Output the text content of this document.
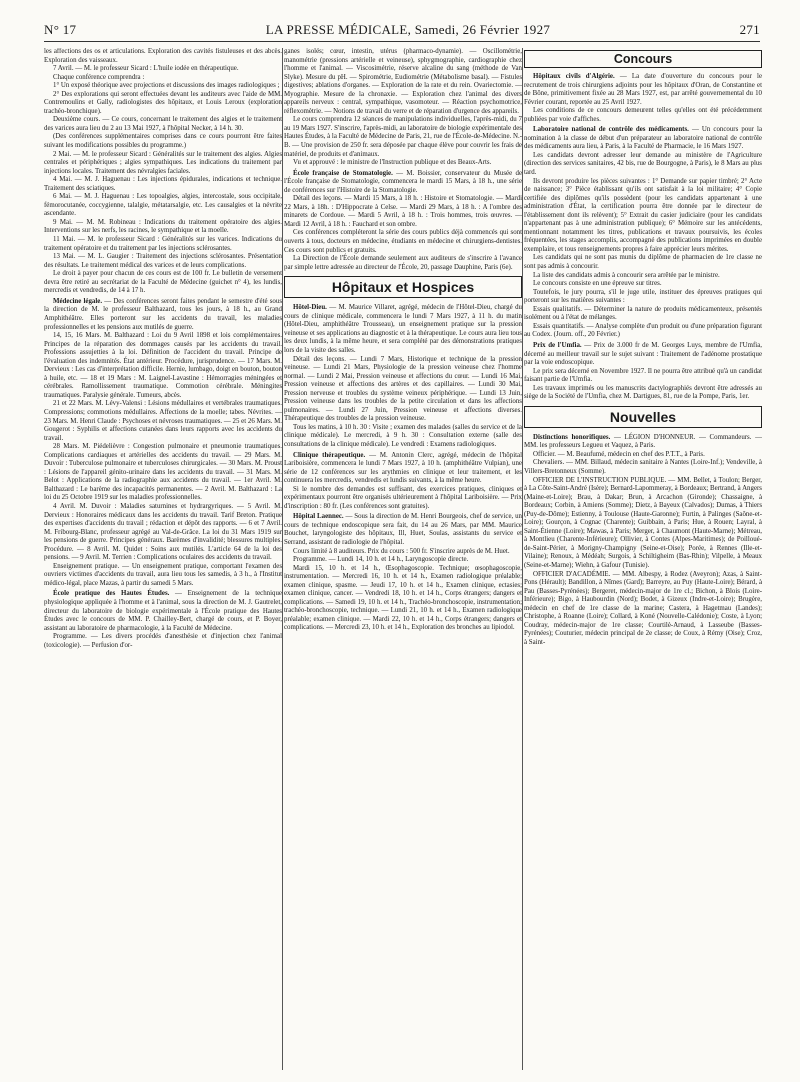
N° 17	LA PRESSE MÉDICALE, Samedi, 26 Février 1927	271

les affections des os et articulations. Exploration des cavités fistuleuses et des abcès. Exploration des vaisseaux.

7 Avril. — M. le professeur Sicard : L'huile iodée en thérapeutique.

Chaque conférence comprendra :

1° Un exposé théorique avec projections et discussions des images radiologiques ;

2° Des explorations qui seront effectuées devant les auditeurs avec l'aide de MM. Contremoulins et Gally, radiologistes des hôpitaux, et Louis Leroux (exploration trachéo-bronchique).

Deuxième cours. — Ce cours, concernant le traitement des algies et le traitement des varices aura lieu du 2 au 13 Mai 1927, à l'hôpital Necker, à 14 h. 30.

(Des conférences supplémentaires comprises dans ce cours pourront être faites suivant les modifications possibles du programme.)

2 Mai. — M. le professeur Sicard : Généralités sur le traitement des algies. Algies centrales et périphériques ; algies sympathiques. Les indications du traitement par injections locales. Traitement des névralgies faciales.

4 Mai. — M. J. Haguenau : Les injections épidurales, indications et technique. Traitement des sciatiques.

6 Mai. — M. J. Haguenau : Les topoalgies, algies, intercostale, sous occipitale, fémorocutanée, coccygienne, talalgie, métatarsalgie, etc. Les causalgies et la névrite ascendante.

9 Mai. — M. M. Robineau : Indications du traitement opératoire des algies. Interventions sur les nerfs, les racines, le sympathique et la moelle.

11 Mai. — M. le professeur Sicard : Généralités sur les varices. Indications du traitement opératoire et du traitement par les injections sclérosantes.

13 Mai. — M. L. Gaugier : Traitement des injections sclérosantes. Présentation des résultats. Le traitement médical des varices et de leurs complications.

Le droit à payer pour chacun de ces cours est de 100 fr. Le bulletin de versement devra être retiré au secrétariat de la Faculté de Médecine (guichet n° 4), les lundis, mercredis et vendredis, de 14 à 17 h.

Médecine légale. — Des conférences seront faites pendant le semestre d'été sous la direction de M. le professeur Balthazard, tous les jours, à 18 h., au Grand Amphithéâtre. Elles porteront sur les accidents du travail, les maladies professionnelles et les pensions aux mutilés de guerre.

14, 15, 16 Mars. M. Balthazard : Loi du 9 Avril 1898 et lois complémentaires. Principes de la réparation des dommages causés par les accidents du travail. Professions assujetties à la loi. Définition de l'accident du travail. Principe de l'évaluation des indemnités. État antérieur. Procédure, jurisprudence. — 17 Mars. M. Dervieux : Les cas d'interprétation difficile. Hernie, lumbago, doigt en bouton, bouton à huile, etc. — 18 et 19 Mars : M. Laignel-Lavastine : Hémorragies méningées et cérébrales. Ramollissement traumatique. Commotion cérébrale. Méningites traumatiques. Paralysie générale. Tumeurs, abcès.

21 et 22 Mars. M. Lévy-Valensi : Lésions médullaires et vertébrales traumatiques. Compressions; commotions médullaires. Affections de la moelle; tabes. Névrites. — 23 Mars. M. Henri Claude : Psychoses et névroses traumatiques. — 25 et 26 Mars. M. Gougerot : Syphilis et affections cutanées dans leurs rapports avec les accidents du travail.

28 Mars. M. Piédelièvre : Congestion pulmonaire et pneumonie traumatiques. Complications cardiaques et artérielles des accidents du travail. — 29 Mars. M. Duvoir : Tuberculose pulmonaire et tuberculoses chirurgicales. — 30 Mars. M. Proust : Lésions de l'appareil génito-urinaire dans les accidents du travail. — 31 Mars. M. Belot : Applications de la radiographie aux accidents du travail. — 1er Avril. M. Balthazard : Le barème des incapacités permanentes. — 2 Avril. M. Balthazard : La loi du 25 Octobre 1919 sur les maladies professionnelles.

4 Avril. M. Duvoir : Maladies saturnines et hydrargyriques. — 5 Avril. M. Dervieux : Honoraires médicaux dans les accidents du travail. Tarif Breton. Pratique des expertises d'accidents du travail ; rédaction et dépôt des rapports. — 6 et 7 Avril. M. Fribourg-Blanc, professeur agrégé au Val-de-Grâce. La loi du 31 Mars 1919 sur les pensions de guerre. Principes généraux. Barèmes d'invalidité; blessures multiples. Procédure. — 8 Avril. M. Quidet : Soins aux mutilés. L'article 64 de la loi des pensions. — 9 Avril. M. Terrien : Complications oculaires des accidents du travail.

Enseignement pratique. — Un enseignement pratique, comportant l'examen des ouvriers victimes d'accidents du travail, aura lieu tous les samedis, à 3 h., à l'Institut médico-légal, place Mazas, à partir du samedi 5 Mars.

École pratique des Hautes Études. — Enseignement de la technique physiologique appliquée à l'homme et à l'animal, sous la direction de M. J. Gautrelet, directeur du laboratoire de biologie expérimentale à l'École pratique des Hautes Études avec le concours de MM. P. Chailley-Bert, chargé de cours, et P. Boyer, assistant au laboratoire de pharmacologie, à la Faculté de Médecine.

Programme. — Les divers procédés d'anesthésie et d'injection chez l'animal (toxicologie). — Perfusion d'or-

ganes isolés; cœur, intestin, utérus (pharmaco-dynamie). — Oscillométrie, manométrie (pressions artérielle et veineuse), sphygmographie, cardiographie chez l'homme et l'animal. — Viscosimétrie, réserve alcaline du sang (méthode de Van Slyke). Mesure du pH. — Spirométrie, Eudiométrie (Métabolisme basal). — Fistules digestives; ablations d'organes. — Exploration de la rate et du rein. Ovariectomie. — Myographie. Mesure de la chronaxie. — Exploration chez l'animal des divers appareils nerveux : central, sympathique, vasomoteur. — Réaction psychomotrice, réflexomètrie. — Notions de travail du verre et de réparation d'urgence des appareils.

Le cours comprendra 12 séances de manipulations individuelles, l'après-midi, du 7 au 19 Mars 1927. S'inscrire, l'après-midi, au laboratoire de biologie expérimentale des Hautes Études, à la Faculté de Médecine de Paris, 21, rue de l'École-de-Médecine. N.-B. — Une provision de 250 fr. sera déposée par chaque élève pour couvrir les frais de matériel, de produits et d'animaux.

Vu et approuvé : le ministre de l'Instruction publique et des Beaux-Arts.

École française de Stomatologie. — M. Boissier, conservateur du Musée de l'École française de Stomatologie, commencera le mardi 15 Mars, à 18 h., une série de conférences sur l'Histoire de la Stomatologie.

Détail des leçons. — Mardi 15 Mars, à 18 h. : Histoire et Stomatologie. — Mardi 22 Mars, à 18h. : D'Hippocrate à Celse. — Mardi 29 Mars, à 18 h. : A l'ombre des minarets de Cordoue. — Mardi 5 Avril, à 18 h. : Trois hommes, trois œuvres. — Mardi 12 Avril, à 18 h. : Fauchard et son ombre.

Ces conférences compléteront la série des cours publics déjà commencés qui sont ouverts à tous, docteurs en médecine, étudiants en médecine et chirurgiens-dentistes. Ces cours sont publics et gratuits.

La Direction de l'École demande seulement aux auditeurs de s'inscrire à l'avance par simple lettre adressée au directeur de l'École, 20, passage Dauphine, Paris (6e).

Hôpitaux et Hospices

Hôtel-Dieu. — M. Maurice Villaret, agrégé, médecin de l'Hôtel-Dieu, chargé du cours de clinique médicale, commencera le lundi 7 Mars 1927, à 11 h. du matin (Hôtel-Dieu, amphithéâtre Trousseau), un enseignement pratique sur la pression veineuse et ses applications au diagnostic et à la thérapeutique. Le cours aura lieu tous les deux lundis, à la même heure, et sera complété par des démonstrations pratiques lors de la visite des salles.

Détail des leçons. — Lundi 7 Mars, Historique et technique de la pression veineuse. — Lundi 21 Mars, Physiologie de la pression veineuse chez l'homme normal. — Lundi 2 Mai, Pression veineuse et affections du cœur. — Lundi 16 Mai, Pression veineuse et affections des artères et des capillaires. — Lundi 30 Mai, Pression nerveuse et troubles du système veineux périphérique. — Lundi 13 Juin, Pression veineuse dans les troubles de la petite circulation et dans les affections pulmonaires. — Lundi 27 Juin, Pression veineuse et affections diverses. Thérapeutique des troubles de la pression veineuse.

Tous les matins, à 10 h. 30 : Visite ; examen des malades (salles du service et de la clinique médicale). Le mercredi, à 9 h. 30 : Consultation externe (salle des consultations de la clinique médicale). Le vendredi : Examens radiologiques.

Clinique thérapeutique. — M. Antonin Clerc, agrégé, médecin de l'hôpital Lariboisière, commencera le lundi 7 Mars 1927, à 10 h. (amphithéâtre Vulpian), une série de 12 conférences sur les arythmies en clinique et leur traitement, et les continuera les mercredis, vendredis et lundis suivants, à la même heure.

Si le nombre des demandes est suffisant, des exercices pratiques, cliniques et expérimentaux pourront être organisés ultérieurement à l'hôpital Lariboisière. — Prix d'inscription : 80 fr. (Les conférences sont gratuites).

Hôpital Laennec. — Sous la direction de M. Henri Bourgeois, chef de service, un cours de technique endoscopique sera fait, du 14 au 26 Mars, par MM. Maurice Bouchet, laryngologiste des hôpitaux, Ill, Huet, Soulas, assistants du service et Serrand, assistant de radiologie de l'hôpital.

Cours limité à 8 auditeurs. Prix du cours : 500 fr. S'inscrire auprès de M. Huet.

Programme. — Lundi 14, 10 h. et 14 h., Laryngoscopie directe.

Mardi 15, 10 h. et 14 h., Œsophagoscopie. Technique; œsophagoscopie, instrumentation. — Mercredi 16, 10 h. et 14 h., Examen radiologique préalable; examen clinique, spasme. — Jeudi 17, 10 h. et 14 h., Examen clinique, ectasies; examen clinique, cancer. — Vendredi 18, 10 h. et 14 h., Corps étrangers; dangers et complications. — Samedi 19, 10 h. et 14 h., Trachéo-bronchoscopie, instrumentation; trachéo-bronchoscopie, technique. — Lundi 21, 10 h. et 14 h., Examen radiologique préalable; examen clinique. — Mardi 22, 10 h. et 14 h., Corps étrangers; dangers et complications. — Mercredi 23, 10 h. et 14 h., Exploration des bronches au lipiodol.

Concours

Hôpitaux civils d'Algérie. — La date d'ouverture du concours pour le recrutement de trois chirurgiens adjoints pour les hôpitaux d'Oran, de Constantine et de Bône, primitivement fixée au 28 Mars 1927, est, par arrêté gouvernemental du 10 Février courant, reportée au 25 Avril 1927.

Les conditions de ce concours demeurent telles qu'elles ont été précédemment publiées par voie d'affiches.

Laboratoire national de contrôle des médicaments. — Un concours pour la nomination à la classe de début d'un préparateur au laboratoire national de contrôle des médicaments aura lieu, à Paris, à la Faculté de Pharmacie, le 16 Mars 1927.

Les candidats devront adresser leur demande au ministère de l'Agriculture (direction des services sanitaires, 42 bis, rue de Bourgogne, à Paris), le 8 Mars au plus tard.

Ils devront produire les pièces suivantes : 1° Demande sur papier timbré; 2° Acte de naissance; 3° Pièce établissant qu'ils ont satisfait à la loi militaire; 4° Copie certifiée des diplômes qu'ils possèdent (pour les candidats appartenant à une administration d'État, la certification pourra être donnée par le directeur de l'établissement dont ils relèvent); 5° Extrait du casier judiciaire (pour les candidats n'appartenant pas à une administration publique); 6° Mémoire sur les antécédents, mentionnant notamment les titres, publications et travaux poursuivis, les écoles fréquentées, les stages accomplis, accompagné des publications imprimées en double exemplaire, et tous renseignements propres à faire apprécier leurs mérites.

Les candidats qui ne sont pas munis du diplôme de pharmacien de 1re classe ne sont pas admis à concourir.

La liste des candidats admis à concourir sera arrêtée par le ministre.

Le concours consiste en une épreuve sur titres.

Toutefois, le jury pourra, s'il le juge utile, instituer des épreuves pratiques qui porteront sur les matières suivantes :

Essais qualitatifs. — Déterminer la nature de produits médicamenteux, présentés isolément ou à l'état de mélanges.

Essais quantitatifs. — Analyse complète d'un produit ou d'une préparation figurant au Codex. (Journ. off., 20 Février.)

Prix de l'Umfia. — Prix de 3.000 fr de M. Georges Luys, membre de l'Umfia, décerné au meilleur travail sur le sujet suivant : Traitement de l'adénome prostatique par la voie endoscopique.

Le prix sera décerné en Novembre 1927. Il ne pourra être attribué qu'à un candidat faisant partie de l'Umfia.

Les travaux imprimés ou les manuscrits dactylographiés devront être adressés au siège de la Société de l'Umfia, chez M. Dartigues, 81, rue de la Pompe, Paris, 1er.

Nouvelles

Distinctions honorifiques. — LÉGION D'HONNEUR. — Commandeurs. — MM. les professeurs Legueu et Vaquez, à Paris.

Officier. — M. Beaufumé, médecin en chef des P.T.T., à Paris.

Chevaliers. — MM. Billaud, médecin sanitaire à Nantes (Loire-Inf.); Vendeville, à Villers-Bretonneux (Somme).

OFFICIER DE L'INSTRUCTION PUBLIQUE. — MM. Bellet, à Toulon; Berger, à La Côte-Saint-André (Isère); Bernard-Lapommeray, à Bordeaux; Bertrand, à Angers (Maine-et-Loire); Brau, à Dakar; Brun, à Arcachon (Gironde); Chassaigne, à Bordeaux; Corbin, à Amiens (Somme); Dietz, à Bayeux (Calvados); Dumas, à Thiers (Puy-de-Dôme); Estienny, à Toulouse (Haute-Garonne); Furtin, à Palinges (Saône-et-Loire); Gourçon, à Cognac (Charente); Guibbain, à Paris; Hue, à Rouen; Layral, à Saint-Étienne (Loire); Mawas, à Paris; Merger, à Chaumont (Haute-Marne); Métreau, à Montlieu (Charente-Inférieure); Ollivier, à Contes (Alpes-Maritimes); de Poilloué-de-Saint-Périer, à Morigny-Champigny (Seine-et-Oise); Porée, à Rennes (Ille-et-Vilaine); Renoux, à Médéah; Surgois, à Schiltigheim (Bas-Rhin); Vilpelle, à Meaux (Seine-et-Marne); Wiehn, à Gafour (Tunisie).

OFFICIER D'ACADÉMIE. — MM. Albespy, à Rodez (Aveyron); Azas, à Saint-Pons (Hérault); Bandillon, à Nîmes (Gard); Barreyre, au Puy (Haute-Loire); Bérard, à Pau (Basses-Pyrénées); Bergeret, médecin-major de 1re cl.; Bichon, à Blois (Loire-Inférieure); Bigo, à Haubourdin (Nord); Bodet, à Gizeux (Indre-et-Loire); Brugère, médecin en chef de 1re classe de la marine; Castera, à Hagetmau (Landes); Christophe, à Roanne (Loire); Collard, à Koné (Nouvelle-Calédonie); Coste, à Lyon; Coudray, médecin-major de 1re classe; Courtilè-Arnaud, à Lasseube (Basses-Pyrénées); Couturier, médecin principal de 2e classe; de Coux, à Rémy (Oise); Croz, à Saint-
